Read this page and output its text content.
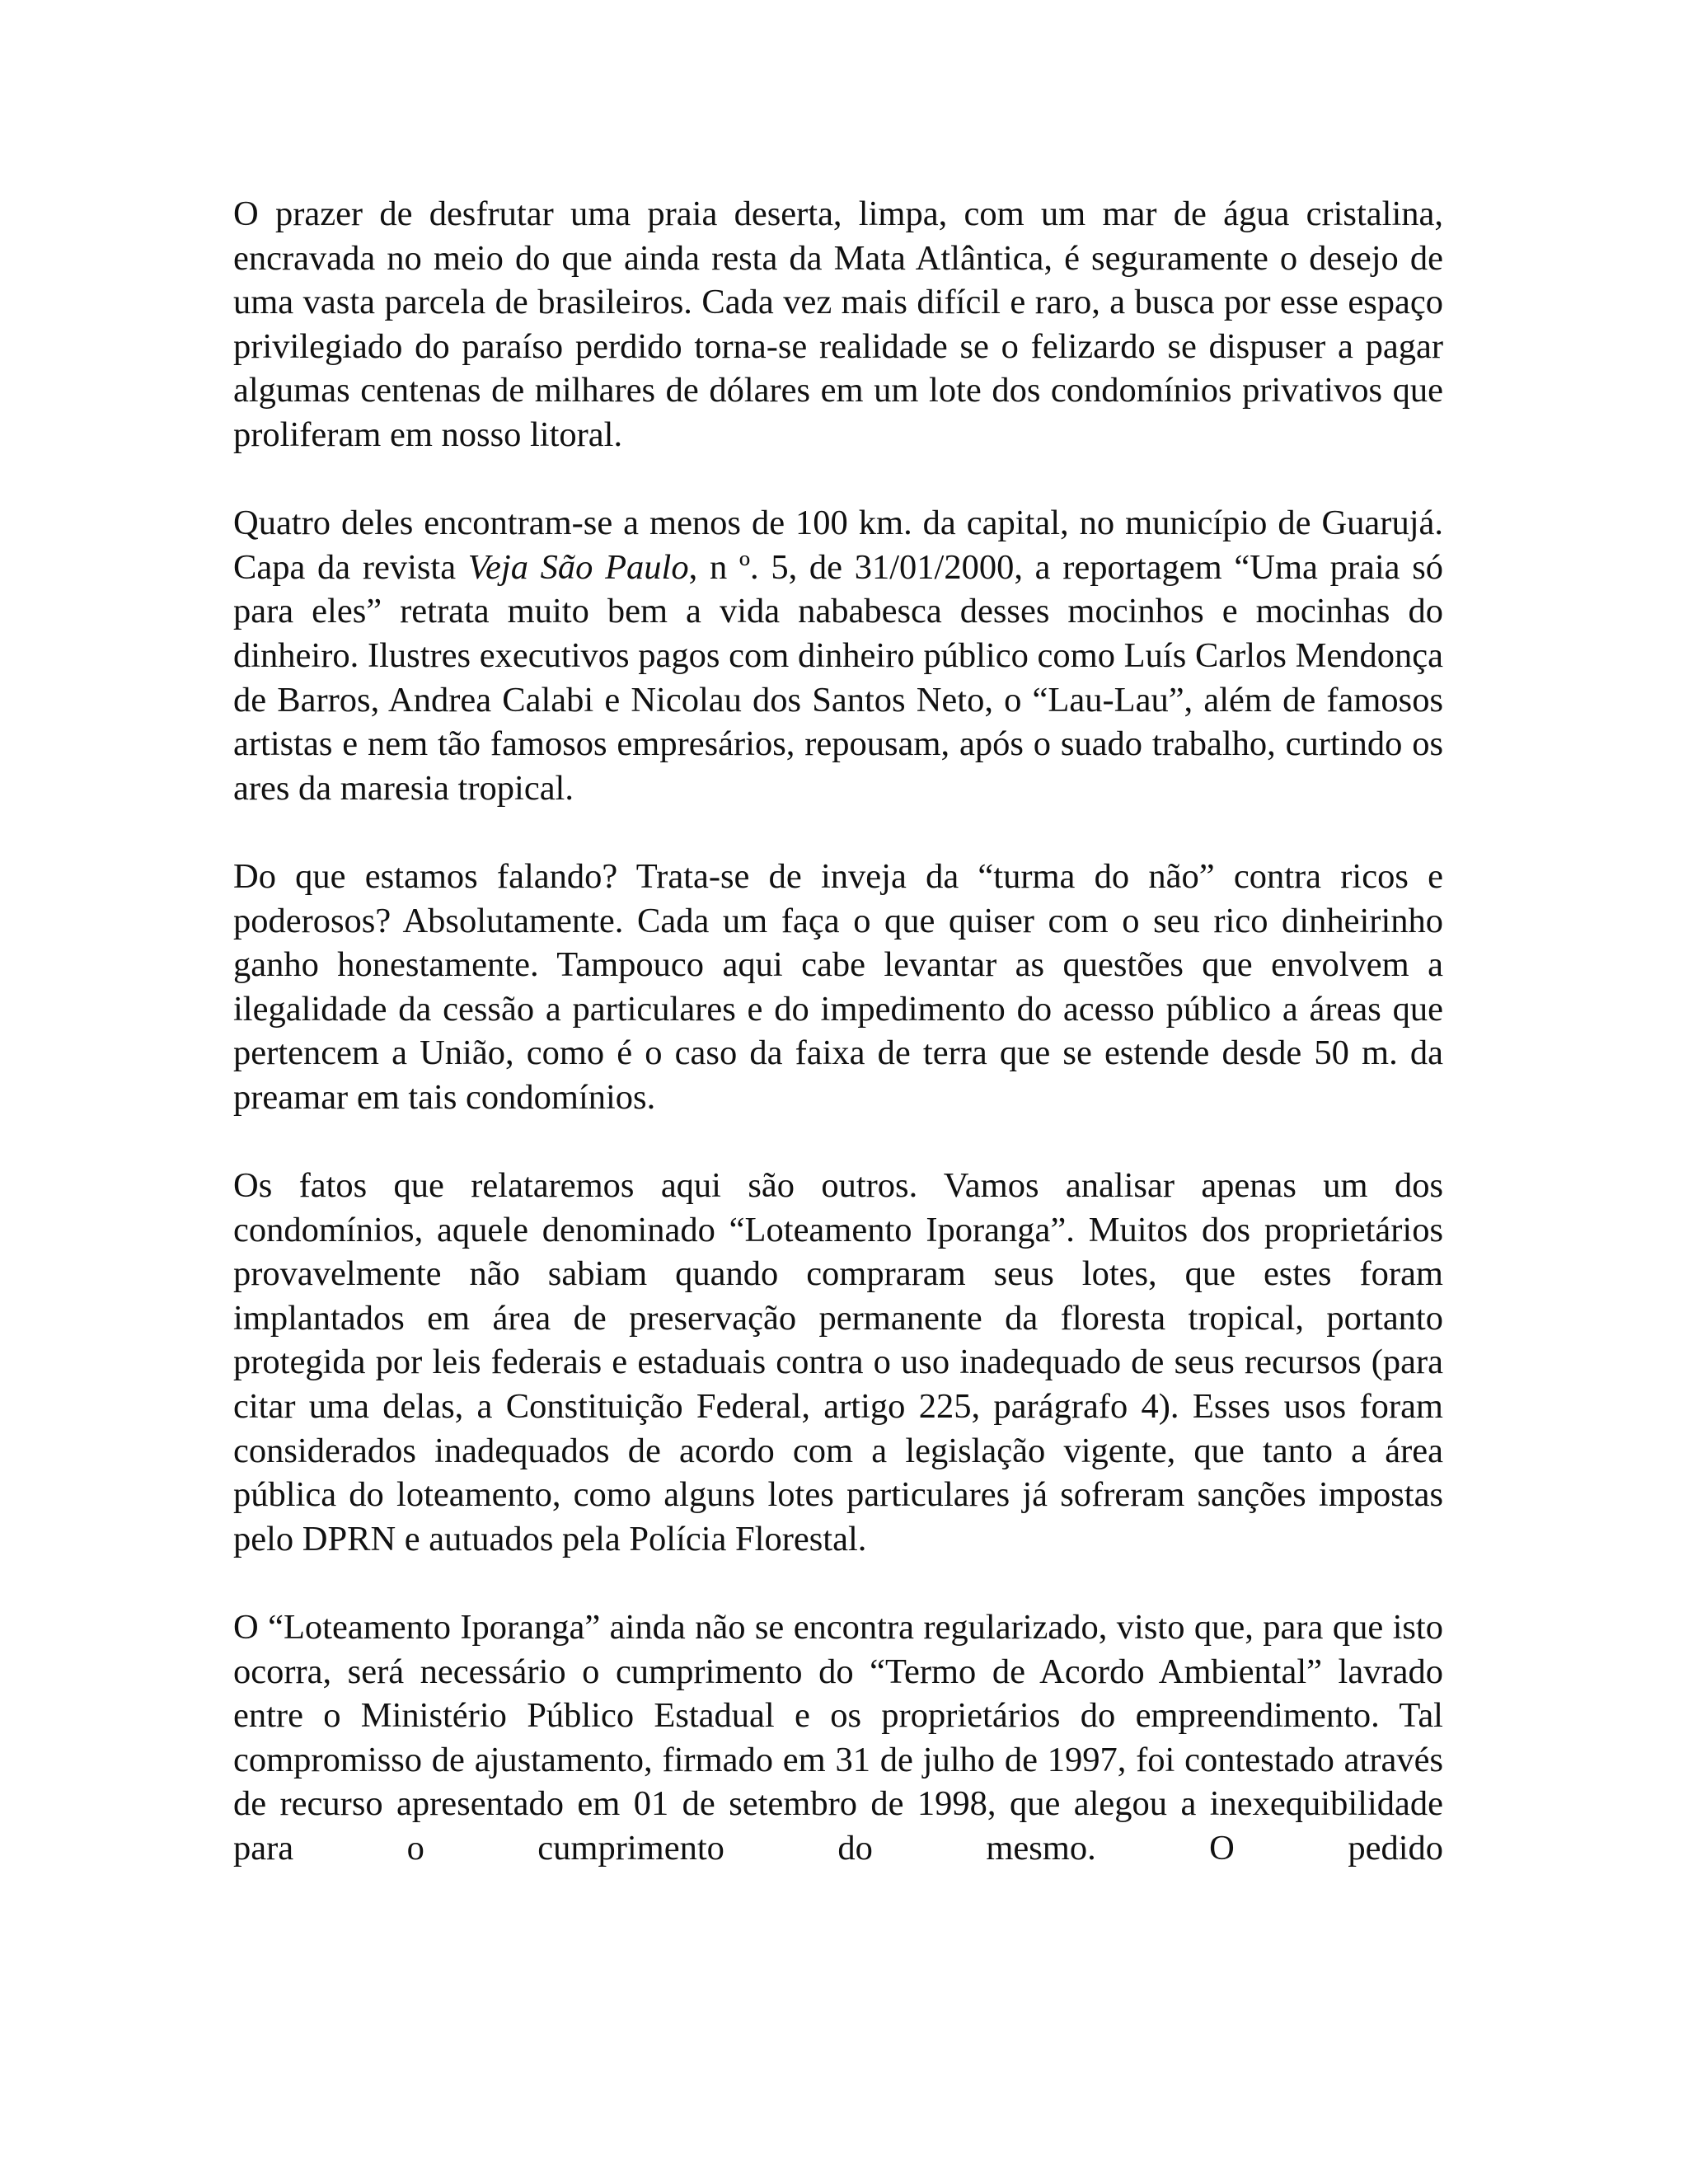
O prazer de desfrutar uma praia deserta, limpa, com um mar de água cristalina, encravada no meio do que ainda resta da Mata Atlântica, é seguramente o desejo de uma vasta parcela de brasileiros. Cada vez mais difícil e raro, a busca por esse espaço privilegiado do paraíso perdido torna-se realidade se o felizardo se dispuser a pagar algumas centenas de milhares de dólares em um lote dos condomínios privativos que proliferam em nosso litoral.

Quatro deles encontram-se a menos de 100 km. da capital, no município de Guarujá. Capa da revista Veja São Paulo, n º. 5, de 31/01/2000, a reportagem “Uma praia só para eles” retrata muito bem a vida nababesca desses mocinhos e mocinhas do dinheiro. Ilustres executivos pagos com dinheiro público como Luís Carlos Mendonça de Barros, Andrea Calabi e Nicolau dos Santos Neto, o “Lau-Lau”, além de famosos artistas e nem tão famosos empresários, repousam, após o suado trabalho, curtindo os ares da maresia tropical.

Do que estamos falando? Trata-se de inveja da “turma do não” contra ricos e poderosos? Absolutamente. Cada um faça o que quiser com o seu rico dinheirinho ganho honestamente. Tampouco aqui cabe levantar as questões que envolvem a ilegalidade da cessão a particulares e do impedimento do acesso público a áreas que pertencem a União, como é o caso da faixa de terra que se estende desde 50 m. da preamar em tais condomínios.

Os fatos que relataremos aqui são outros. Vamos analisar apenas um dos condomínios, aquele denominado “Loteamento Iporanga”. Muitos dos proprietários provavelmente não sabiam quando compraram seus lotes, que estes foram implantados em área de preservação permanente da floresta tropical, portanto protegida por leis federais e estaduais contra o uso inadequado de seus recursos (para citar uma delas, a Constituição Federal, artigo 225, parágrafo 4). Esses usos foram considerados inadequados de acordo com a legislação vigente, que tanto a área pública do loteamento, como alguns lotes particulares já sofreram sanções impostas pelo DPRN e autuados pela Polícia Florestal.

O “Loteamento Iporanga” ainda não se encontra regularizado, visto que, para que isto ocorra, será necessário o cumprimento do “Termo de Acordo Ambiental” lavrado entre o Ministério Público Estadual e os proprietários do empreendimento. Tal compromisso de ajustamento, firmado em 31 de julho de 1997, foi contestado através de recurso apresentado em 01 de setembro de 1998, que alegou a inexequibilidade para o cumprimento do mesmo. O pedido
